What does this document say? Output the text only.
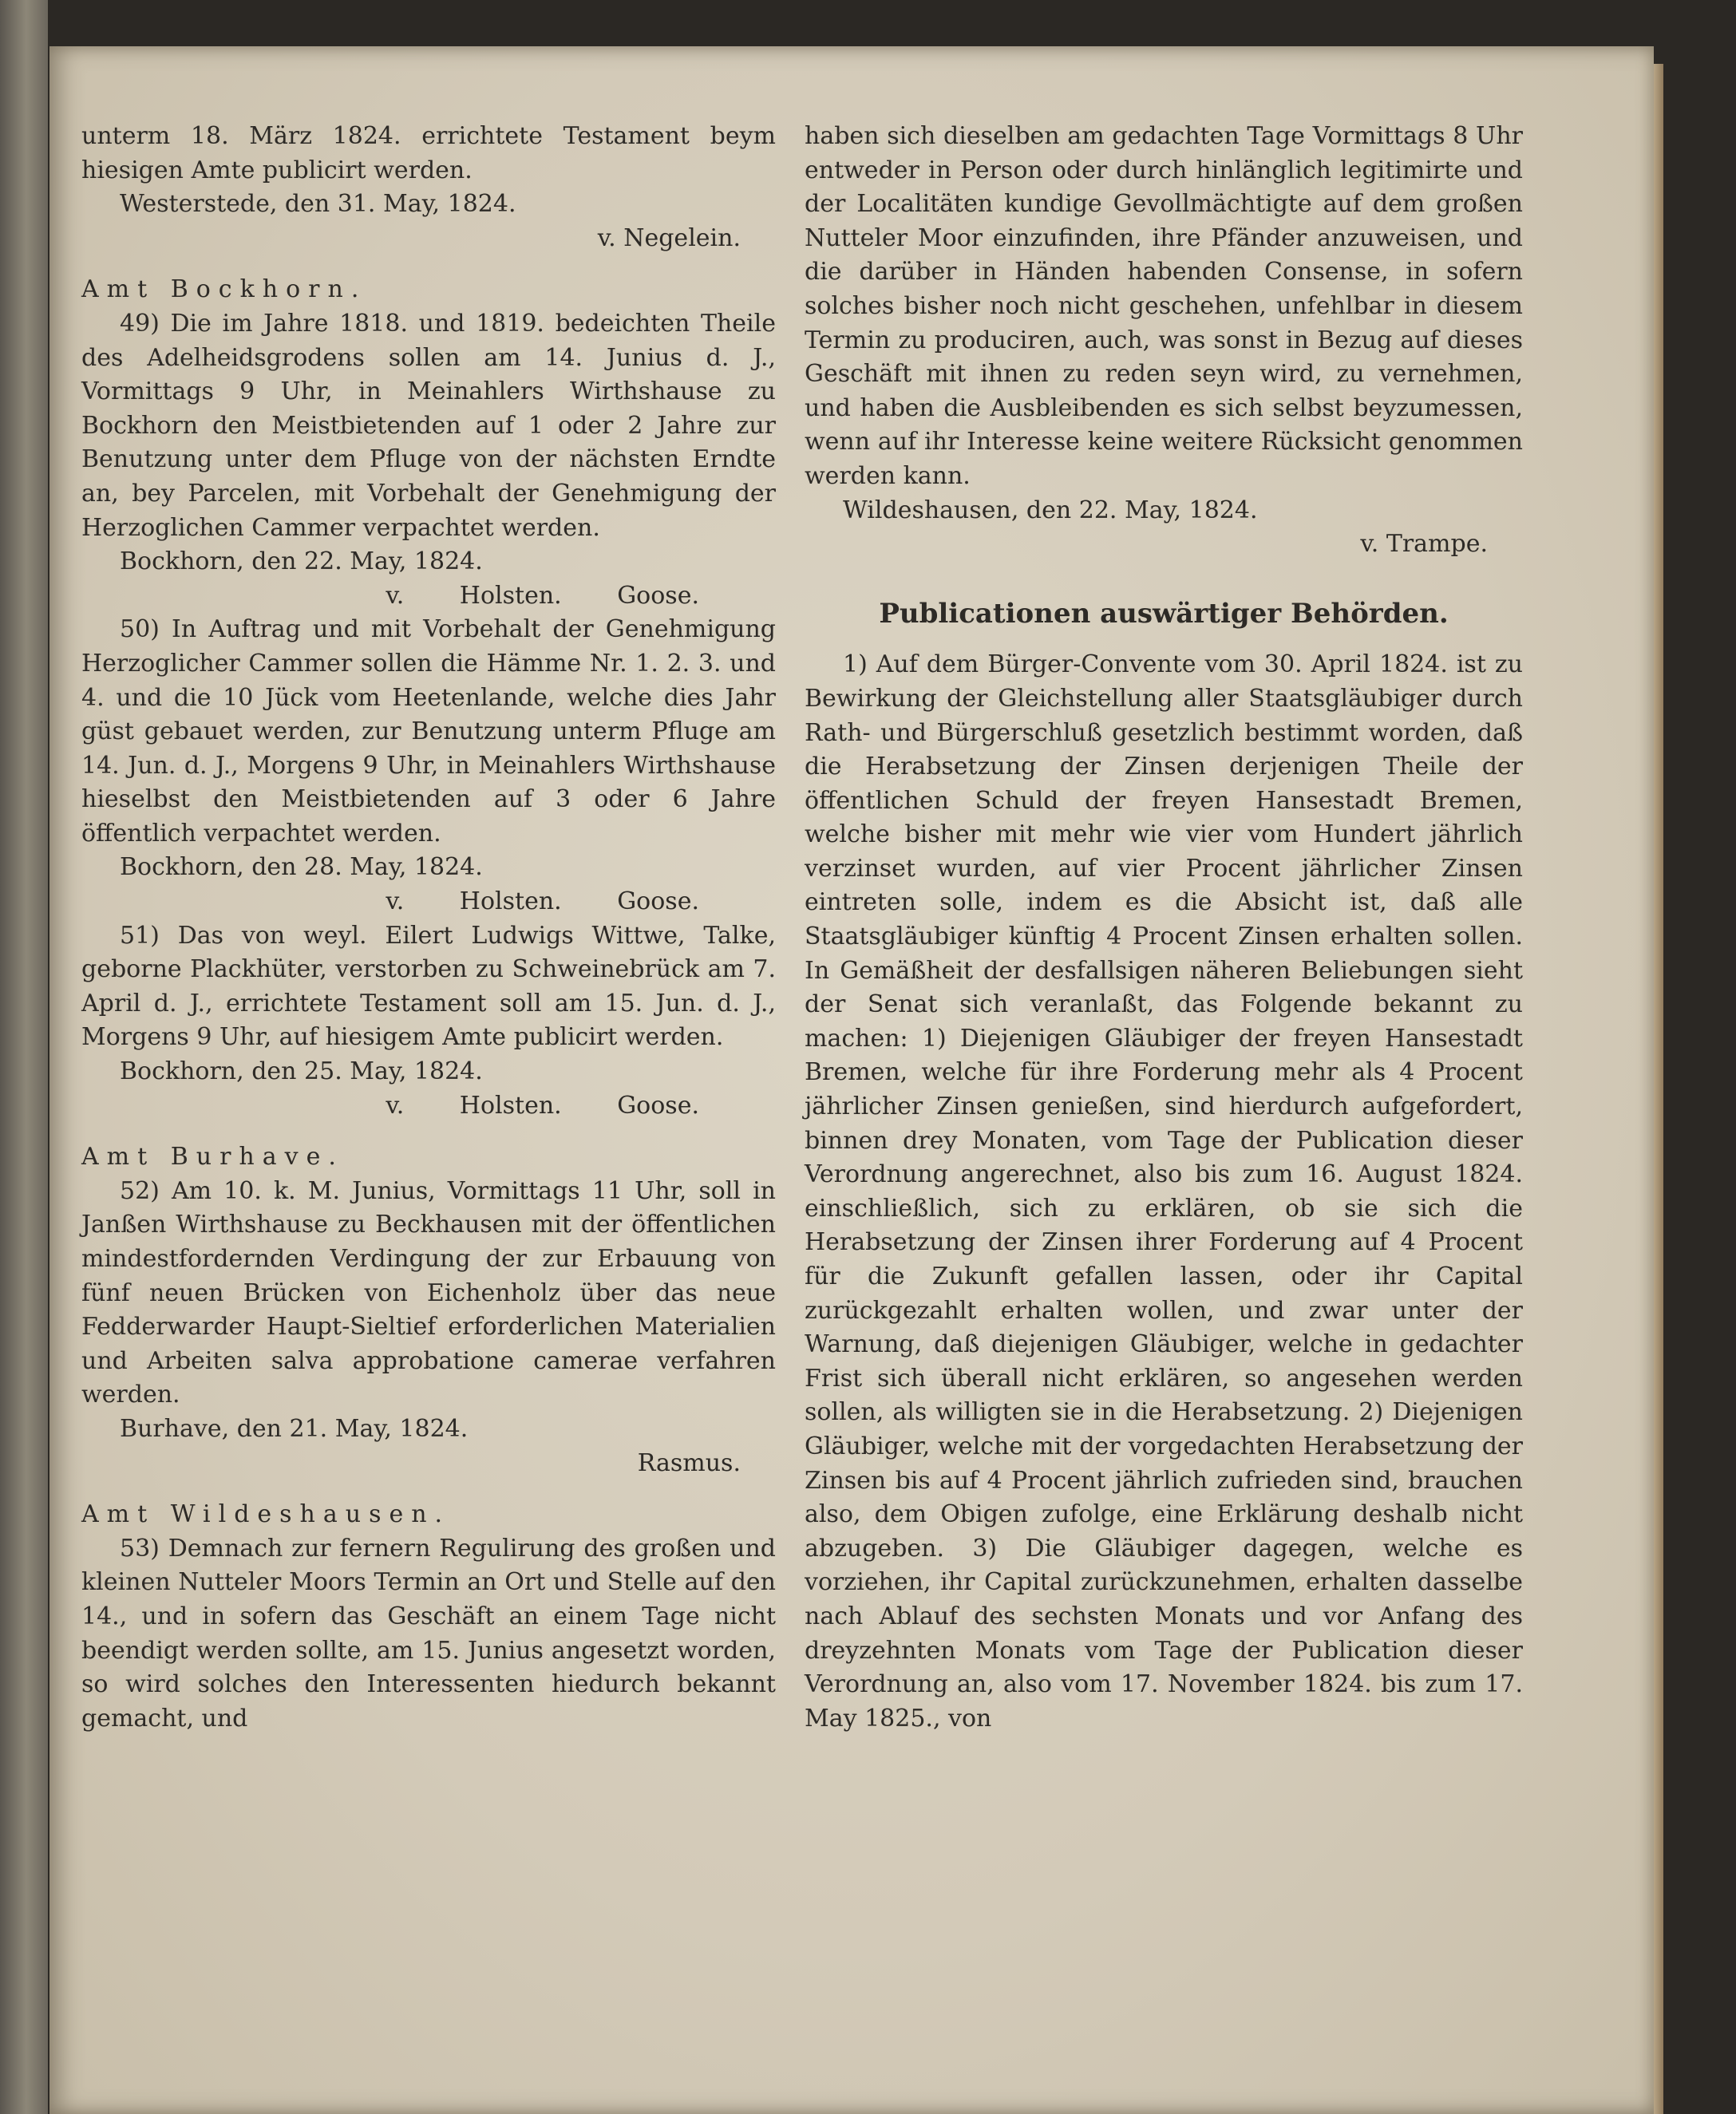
unterm 18. März 1824. errichtete Testament beym hiesigen Amte publicirt werden.

Westerstede, den 31. May, 1824.

v. Negelein.

Amt Bockhorn.

49) Die im Jahre 1818. und 1819. bedeichten Theile des Adelheidsgrodens sollen am 14. Junius d. J., Vormittags 9 Uhr, in Meinahlers Wirthshause zu Bockhorn den Meistbietenden auf 1 oder 2 Jahre zur Benutzung unter dem Pfluge von der nächsten Erndte an, bey Parcelen, mit Vorbehalt der Genehmigung der Herzoglichen Cammer verpachtet werden.

Bockhorn, den 22. May, 1824.

v. Holsten. Goose.

50) In Auftrag und mit Vorbehalt der Genehmigung Herzoglicher Cammer sollen die Hämme Nr. 1. 2. 3. und 4. und die 10 Jück vom Heetenlande, welche dies Jahr güst gebauet werden, zur Benutzung unterm Pfluge am 14. Jun. d. J., Morgens 9 Uhr, in Meinahlers Wirthshause hieselbst den Meistbietenden auf 3 oder 6 Jahre öffentlich verpachtet werden.

Bockhorn, den 28. May, 1824.

v. Holsten. Goose.

51) Das von weyl. Eilert Ludwigs Wittwe, Talke, geborne Plackhüter, verstorben zu Schweinebrück am 7. April d. J., errichtete Testament soll am 15. Jun. d. J., Morgens 9 Uhr, auf hiesigem Amte publicirt werden.

Bockhorn, den 25. May, 1824.

v. Holsten. Goose.

Amt Burhave.

52) Am 10. k. M. Junius, Vormittags 11 Uhr, soll in Janßen Wirthshause zu Beckhausen mit der öffentlichen mindestfordernden Verdingung der zur Erbauung von fünf neuen Brücken von Eichenholz über das neue Fedderwarder Haupt-Sieltief erforderlichen Materialien und Arbeiten salva approbatione camerae verfahren werden.

Burhave, den 21. May, 1824.

Rasmus.

Amt Wildeshausen.

53) Demnach zur fernern Regulirung des großen und kleinen Nutteler Moors Termin an Ort und Stelle auf den 14., und in sofern das Geschäft an einem Tage nicht beendigt werden sollte, am 15. Junius angesetzt worden, so wird solches den Interessenten hiedurch bekannt gemacht, und

haben sich dieselben am gedachten Tage Vormittags 8 Uhr entweder in Person oder durch hinlänglich legitimirte und der Localitäten kundige Gevollmächtigte auf dem großen Nutteler Moor einzufinden, ihre Pfänder anzuweisen, und die darüber in Händen habenden Consense, in sofern solches bisher noch nicht geschehen, unfehlbar in diesem Termin zu produciren, auch, was sonst in Bezug auf dieses Geschäft mit ihnen zu reden seyn wird, zu vernehmen, und haben die Ausbleibenden es sich selbst beyzumessen, wenn auf ihr Interesse keine weitere Rücksicht genommen werden kann.

Wildeshausen, den 22. May, 1824.

v. Trampe.

Publicationen auswärtiger Behörden.

1) Auf dem Bürger-Convente vom 30. April 1824. ist zu Bewirkung der Gleichstellung aller Staatsgläubiger durch Rath- und Bürgerschluß gesetzlich bestimmt worden, daß die Herabsetzung der Zinsen derjenigen Theile der öffentlichen Schuld der freyen Hansestadt Bremen, welche bisher mit mehr wie vier vom Hundert jährlich verzinset wurden, auf vier Procent jährlicher Zinsen eintreten solle, indem es die Absicht ist, daß alle Staatsgläubiger künftig 4 Procent Zinsen erhalten sollen. In Gemäßheit der desfallsigen näheren Beliebungen sieht der Senat sich veranlaßt, das Folgende bekannt zu machen: 1) Diejenigen Gläubiger der freyen Hansestadt Bremen, welche für ihre Forderung mehr als 4 Procent jährlicher Zinsen genießen, sind hierdurch aufgefordert, binnen drey Monaten, vom Tage der Publication dieser Verordnung angerechnet, also bis zum 16. August 1824. einschließlich, sich zu erklären, ob sie sich die Herabsetzung der Zinsen ihrer Forderung auf 4 Procent für die Zukunft gefallen lassen, oder ihr Capital zurückgezahlt erhalten wollen, und zwar unter der Warnung, daß diejenigen Gläubiger, welche in gedachter Frist sich überall nicht erklären, so angesehen werden sollen, als willigten sie in die Herabsetzung. 2) Diejenigen Gläubiger, welche mit der vorgedachten Herabsetzung der Zinsen bis auf 4 Procent jährlich zufrieden sind, brauchen also, dem Obigen zufolge, eine Erklärung deshalb nicht abzugeben. 3) Die Gläubiger dagegen, welche es vorziehen, ihr Capital zurückzunehmen, erhalten dasselbe nach Ablauf des sechsten Monats und vor Anfang des dreyzehnten Monats vom Tage der Publication dieser Verordnung an, also vom 17. November 1824. bis zum 17. May 1825., von
